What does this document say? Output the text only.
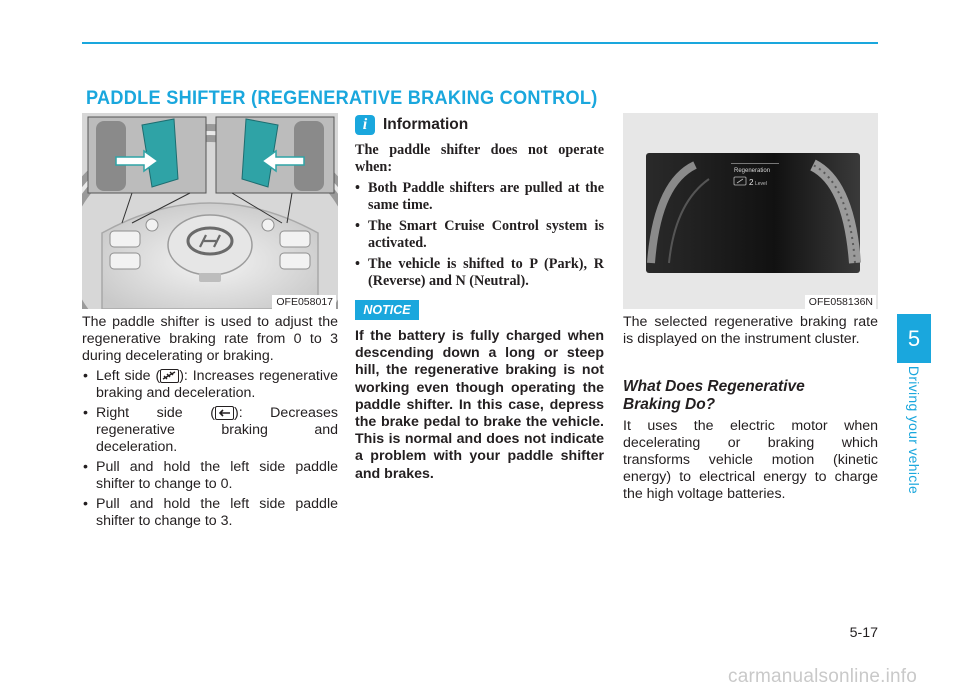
PADDLE SHIFTER (REGENERATIVE BRAKING CONTROL)
OFE058017

The paddle shifter is used to adjust the regenerative braking rate from 0 to 3 during decelerating or braking.

• Left side ( ): Increases regenerative braking and deceleration.
• Right side ( ): Decreases regenerative braking and deceleration.
• Pull and hold the left side paddle shifter to change to 0.
• Pull and hold the left side paddle shifter to change to 3.
i	Information

The paddle shifter does not operate when:

• Both Paddle shifters are pulled at the same time.
• The Smart Cruise Control system is activated.
• The vehicle is shifted to P (Park), R (Reverse) and N (Neutral).
NOTICE

If the battery is fully charged when descending down a long or steep hill, the regenerative braking is not working even though operating the paddle shifter. In this case, depress the brake pedal to brake the vehicle. This is normal and does not indicate a problem with your paddle shifter and brakes.

Regeneration
2 Level
OFE058136N

The selected regenerative braking rate is displayed on the instrument cluster.

What Does Regenerative
Braking Do?

It uses the electric motor when decelerating or braking which transforms vehicle motion (kinetic energy) to electrical energy to charge the high voltage batteries.

5
Driving your vehicle
5-17
carmanualsonline.info
